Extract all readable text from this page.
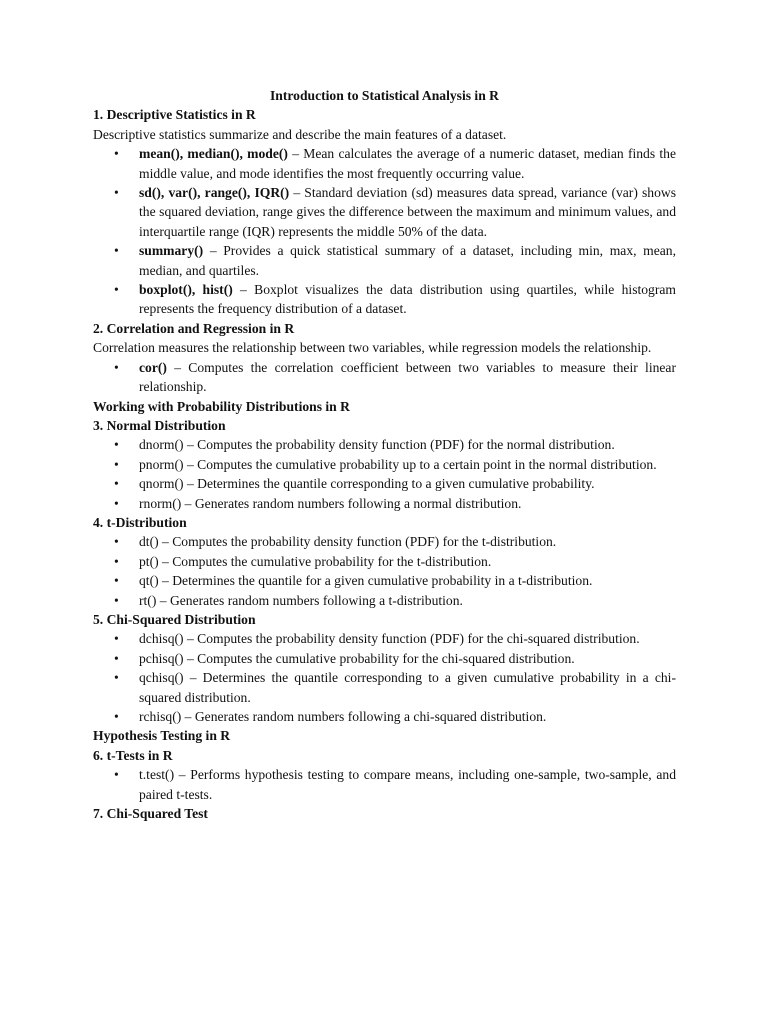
Introduction to Statistical Analysis in R
1. Descriptive Statistics in R
Descriptive statistics summarize and describe the main features of a dataset.
• mean(), median(), mode() – Mean calculates the average of a numeric dataset, median finds the middle value, and mode identifies the most frequently occurring value.
• sd(), var(), range(), IQR() – Standard deviation (sd) measures data spread, variance (var) shows the squared deviation, range gives the difference between the maximum and minimum values, and interquartile range (IQR) represents the middle 50% of the data.
• summary() – Provides a quick statistical summary of a dataset, including min, max, mean, median, and quartiles.
• boxplot(), hist() – Boxplot visualizes the data distribution using quartiles, while histogram represents the frequency distribution of a dataset.
2. Correlation and Regression in R
Correlation measures the relationship between two variables, while regression models the relationship.
• cor() – Computes the correlation coefficient between two variables to measure their linear relationship.
Working with Probability Distributions in R
3. Normal Distribution
• dnorm() – Computes the probability density function (PDF) for the normal distribution.
• pnorm() – Computes the cumulative probability up to a certain point in the normal distribution.
• qnorm() – Determines the quantile corresponding to a given cumulative probability.
• rnorm() – Generates random numbers following a normal distribution.
4. t-Distribution
• dt() – Computes the probability density function (PDF) for the t-distribution.
• pt() – Computes the cumulative probability for the t-distribution.
• qt() – Determines the quantile for a given cumulative probability in a t-distribution.
• rt() – Generates random numbers following a t-distribution.
5. Chi-Squared Distribution
• dchisq() – Computes the probability density function (PDF) for the chi-squared distribution.
• pchisq() – Computes the cumulative probability for the chi-squared distribution.
• qchisq() – Determines the quantile corresponding to a given cumulative probability in a chi-squared distribution.
• rchisq() – Generates random numbers following a chi-squared distribution.
Hypothesis Testing in R
6. t-Tests in R
• t.test() – Performs hypothesis testing to compare means, including one-sample, two-sample, and paired t-tests.
7. Chi-Squared Test
